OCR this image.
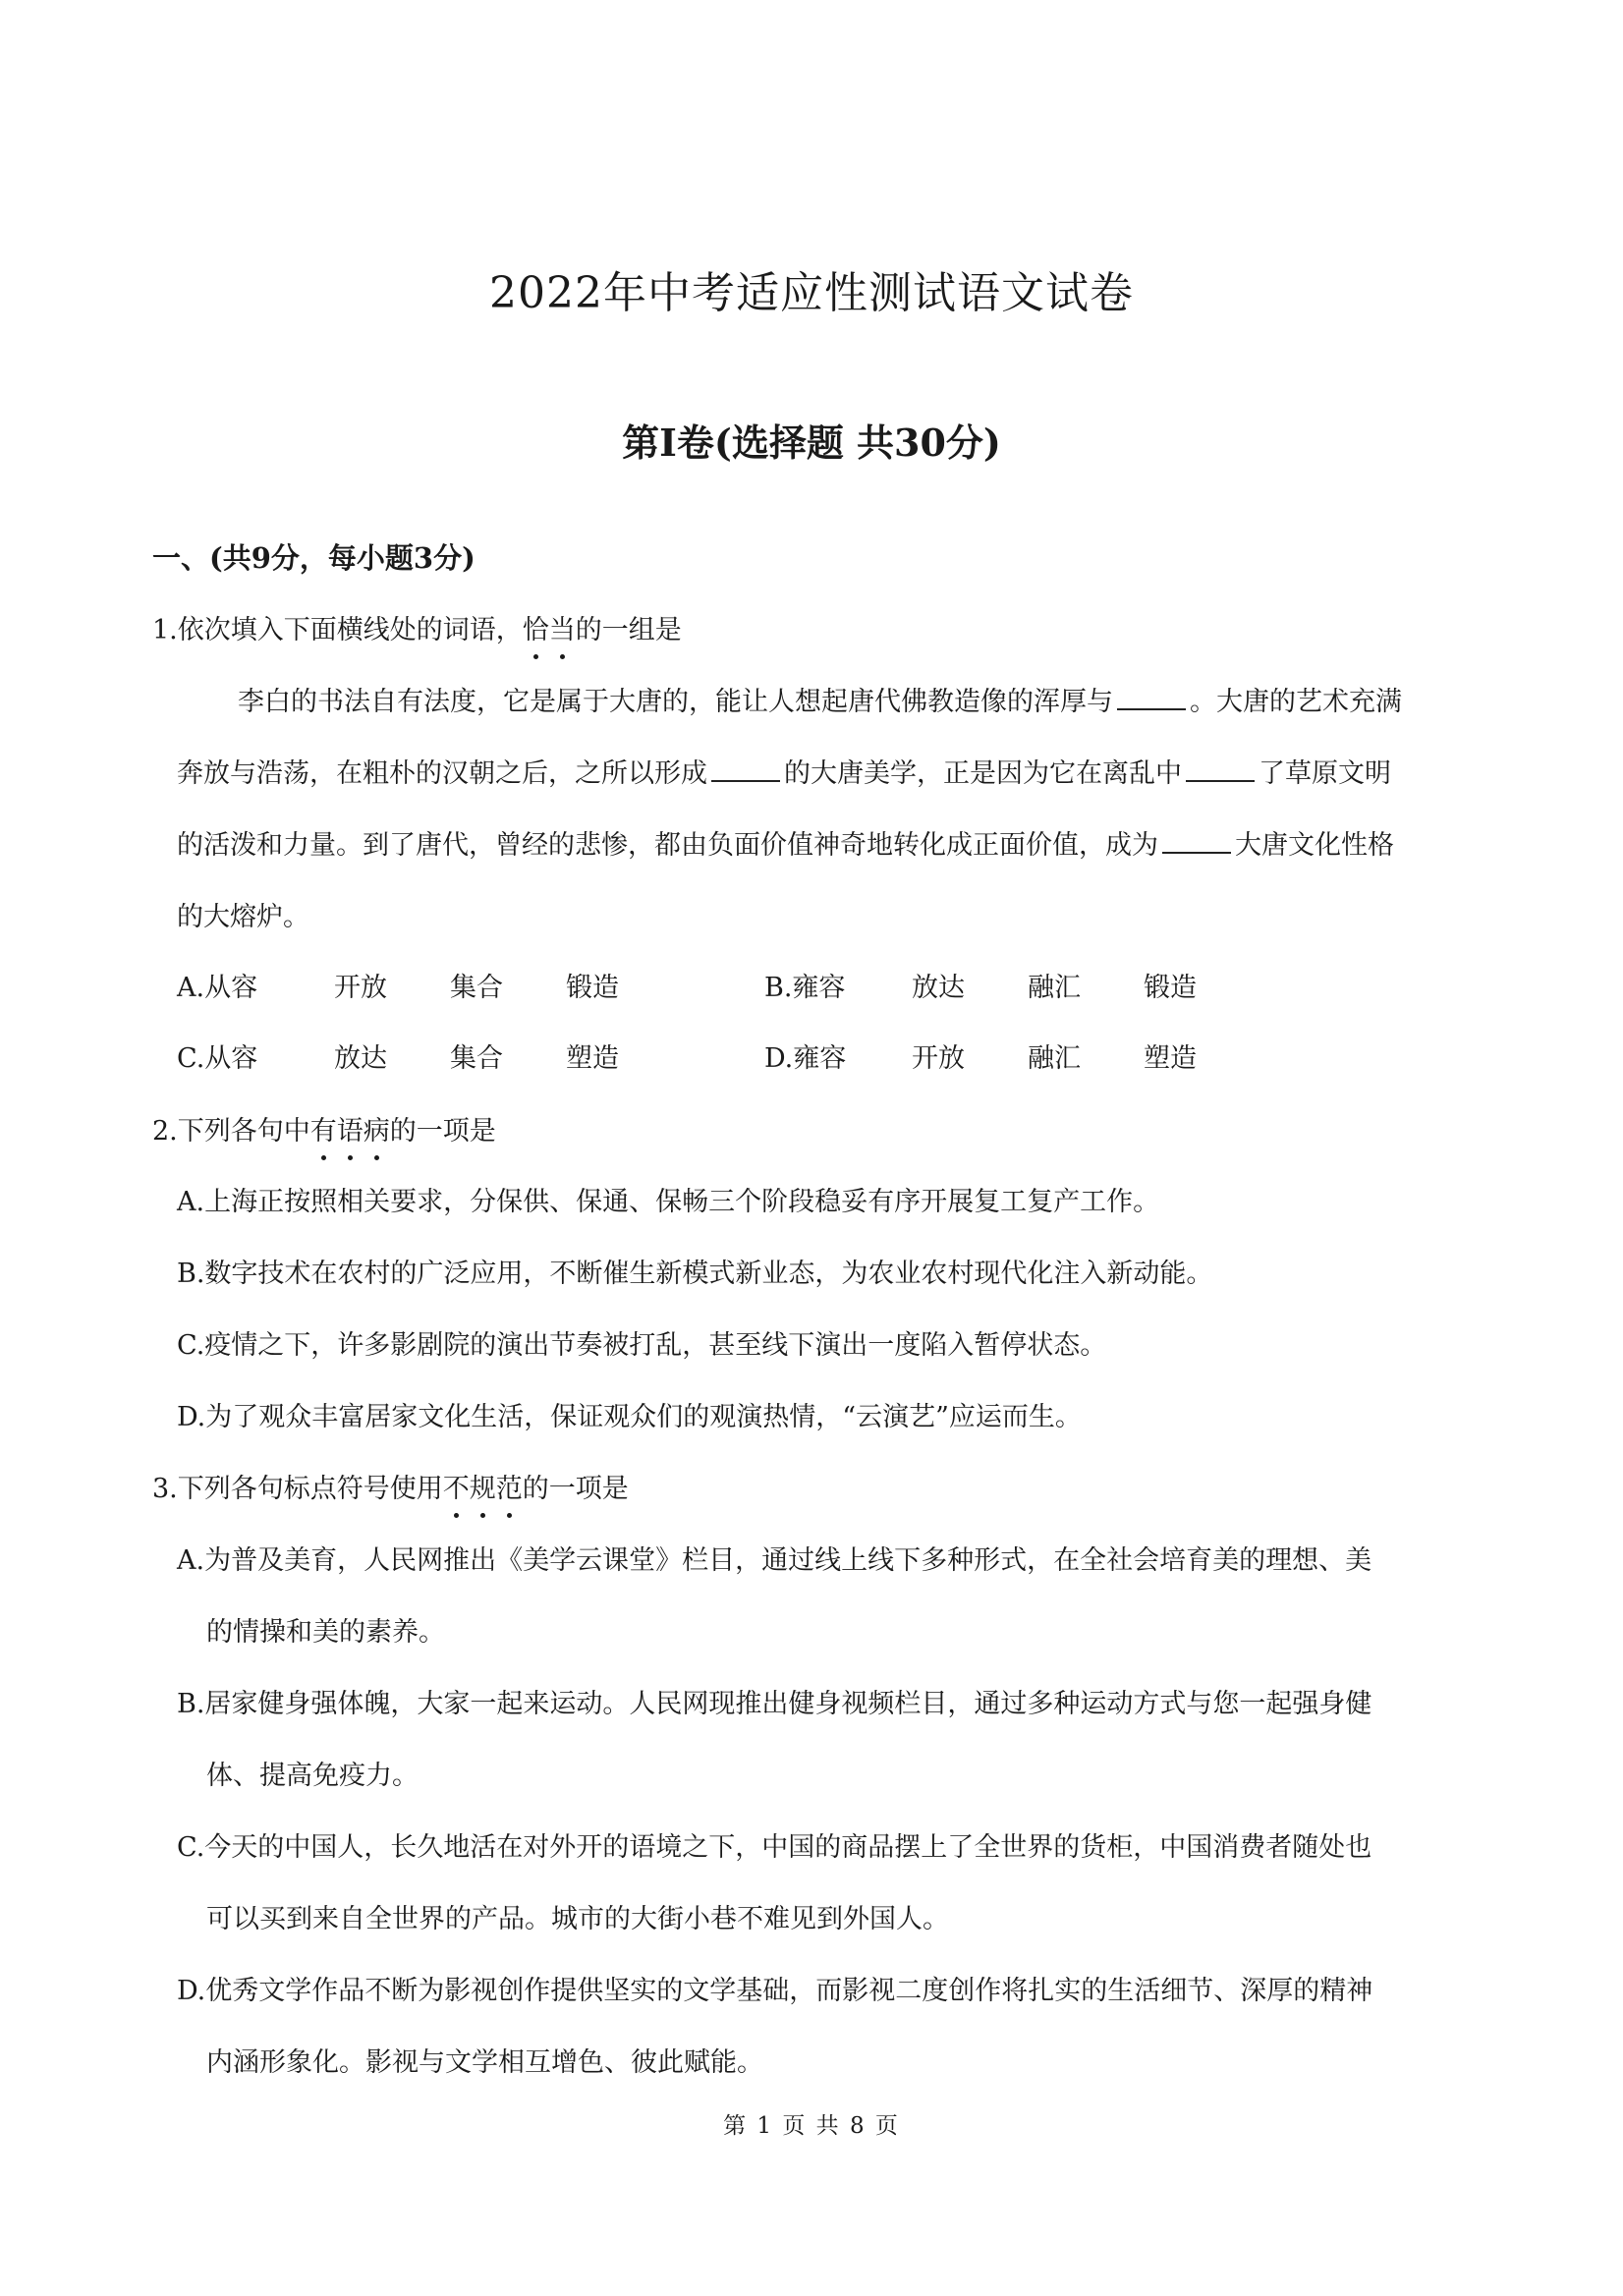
2022年中考适应性测试语文试卷
第Ⅰ卷(选择题 共30分)
一、(共9分，每小题3分)
1.依次填入下面横线处的词语，恰当的一组是
李白的书法自有法度，它是属于大唐的，能让人想起唐代佛教造像的浑厚与	。大唐的艺术充满
奔放与浩荡，在粗朴的汉朝之后，之所以形成	的大唐美学，正是因为它在离乱中	了草原文明
的活泼和力量。到了唐代，曾经的悲惨，都由负面价值神奇地转化成正面价值，成为	大唐文化性格
的大熔炉。
A.从容	开放 集合 锻造	B.雍容	放达 融汇 锻造
C.从容	放达 集合 塑造	D.雍容 开放 融汇 塑造
2.下列各句中有语病的一项是
A.上海正按照相关要求，分保供、保通、保畅三个阶段稳妥有序开展复工复产工作。
B.数字技术在农村的广泛应用，不断催生新模式新业态，为农业农村现代化注入新动能。
C.疫情之下，许多影剧院的演出节奏被打乱，甚至线下演出一度陷入暂停状态。
D.为了观众丰富居家文化生活，保证观众们的观演热情，“云演艺”应运而生。
3.下列各句标点符号使用不规范的一项是
A.为普及美育，人民网推出《美学云课堂》栏目，通过线上线下多种形式，在全社会培育美的理想、美
的情操和美的素养。
B.居家健身强体魄，大家一起来运动。人民网现推出健身视频栏目，通过多种运动方式与您一起强身健
体、提高免疫力。
C.今天的中国人，长久地活在对外开的语境之下，中国的商品摆上了全世界的货柜，中国消费者随处也
可以买到来自全世界的产品。城市的大街小巷不难见到外国人。
D.优秀文学作品不断为影视创作提供坚实的文学基础，而影视二度创作将扎实的生活细节、深厚的精神
内涵形象化。影视与文学相互增色、彼此赋能。
第 1 页 共 8 页
